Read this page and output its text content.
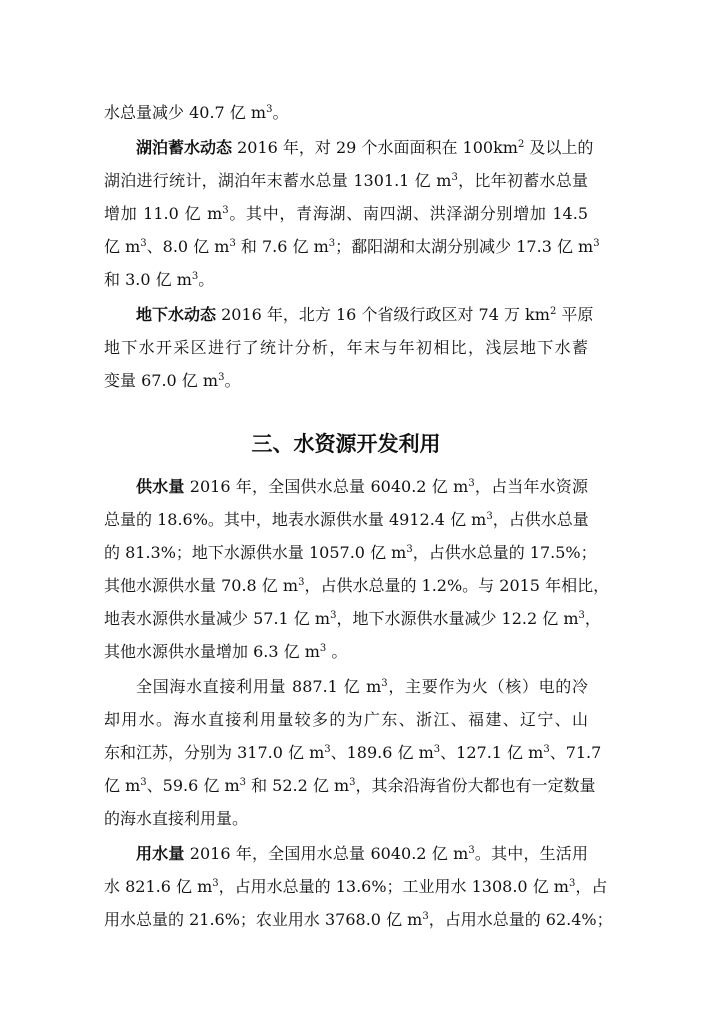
水总量减少 40.7 亿 $m^3$。
湖泊蓄水动态 2016 年，对 29 个水面面积在 $100km^2$ 及以上的
湖泊进行统计，湖泊年末蓄水总量 1301.1 亿 $m^3$，比年初蓄水总量
增加 11.0 亿 $m^3$。其中，青海湖、南四湖、洪泽湖分别增加 14.5
亿 $m^3$、8.0 亿 $m^3$ 和 7.6 亿 $m^3$；鄱阳湖和太湖分别减少 17.3 亿 $m^3$
和 3.0 亿 $m^3$。
地下水动态 2016 年，北方 16 个省级行政区对 74 万 $km^2$ 平原
地下水开采区进行了统计分析，年末与年初相比，浅层地下水蓄
变量 67.0 亿 $m^3$。
三、水资源开发利用
供水量 2016 年，全国供水总量 6040.2 亿 $m^3$，占当年水资源
总量的 18.6%。其中，地表水源供水量 4912.4 亿 $m^3$，占供水总量
的 81.3%；地下水源供水量 1057.0 亿 $m^3$，占供水总量的 17.5%；
其他水源供水量 70.8 亿 $m^3$，占供水总量的 1.2%。与 2015 年相比，
地表水源供水量减少 57.1 亿 $m^3$，地下水源供水量减少 12.2 亿 $m^3$，
其他水源供水量增加 6.3 亿 $m^3$ 。
全国海水直接利用量 887.1 亿 $m^3$，主要作为火（核）电的冷
却用水。海水直接利用量较多的为广东、浙江、福建、辽宁、山
东和江苏，分别为 317.0 亿 $m^3$、189.6 亿 $m^3$、127.1 亿 $m^3$、71.7
亿 $m^3$、59.6 亿 $m^3$ 和 52.2 亿 $m^3$，其余沿海省份大都也有一定数量
的海水直接利用量。
用水量 2016 年，全国用水总量 6040.2 亿 $m^3$。其中，生活用
水 821.6 亿 $m^3$，占用水总量的 13.6%；工业用水 1308.0 亿 $m^3$，占
用水总量的 21.6%；农业用水 3768.0 亿 $m^3$，占用水总量的 62.4%；
